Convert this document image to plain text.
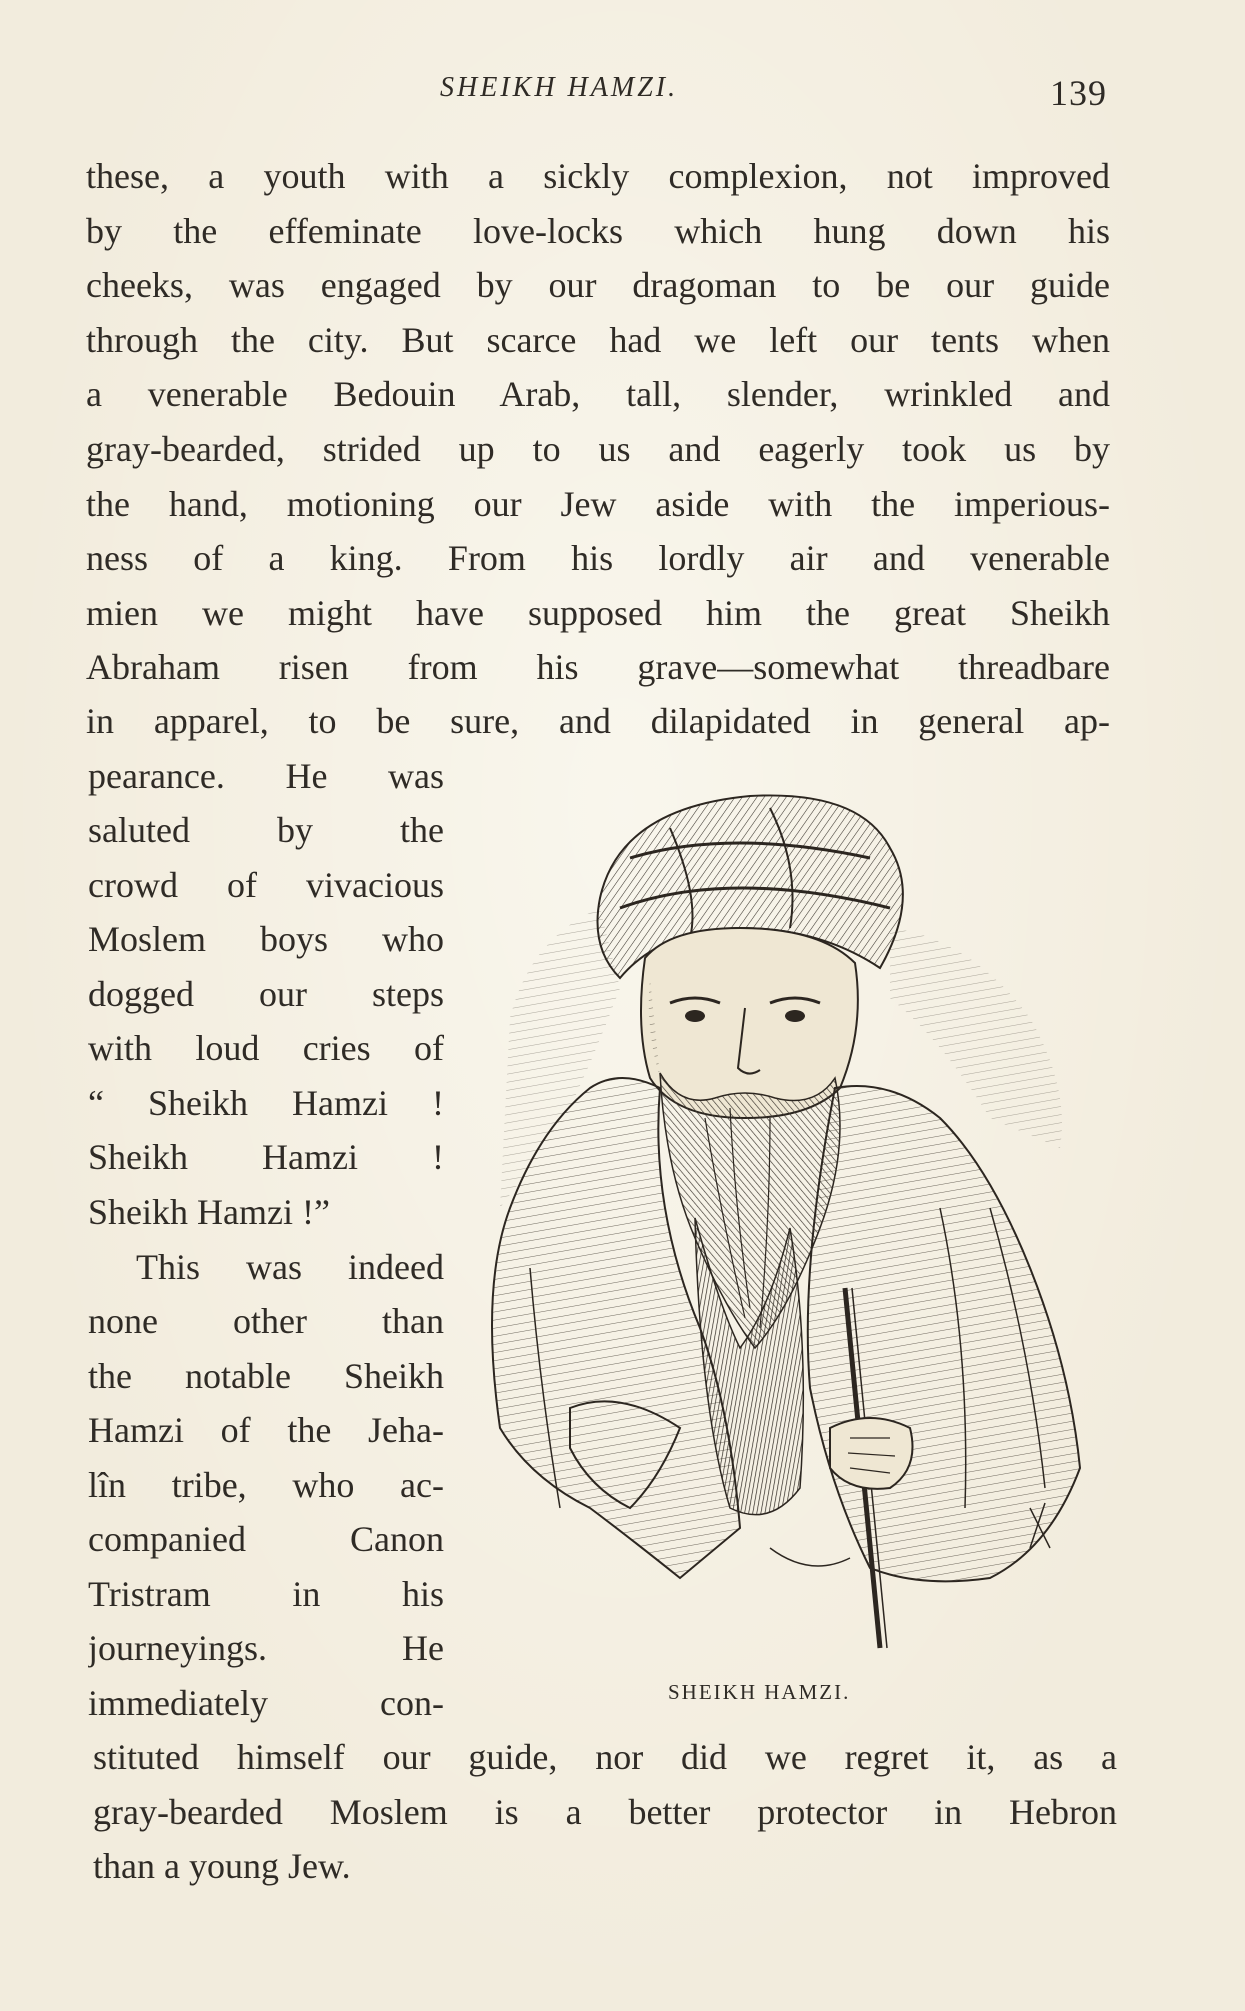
SHEIKH HAMZI.	139
these, a youth with a sickly complexion, not improved
by the effeminate love-locks which hung down his
cheeks, was engaged by our dragoman to be our guide
through the city. But scarce had we left our tents when
a venerable Bedouin Arab, tall, slender, wrinkled and
gray-bearded, strided up to us and eagerly took us by
the hand, motioning our Jew aside with the imperious-
ness of a king. From his lordly air and venerable
mien we might have supposed him the great Sheikh
Abraham risen from his grave—somewhat threadbare
in apparel, to be sure, and dilapidated in general ap-
pearance. He was
saluted by the
crowd of vivacious
Moslem boys who
dogged our steps
with loud cries of
“ Sheikh Hamzi !
Sheikh Hamzi !
Sheikh Hamzi !”
This was indeed
none other than
the notable Sheikh
Hamzi of the Jeha-
lîn tribe, who ac-
companied Canon
Tristram in his
journeyings. He
immediately con-	SHEIKH HAMZI.
stituted himself our guide, nor did we regret it, as a
gray-bearded Moslem is a better protector in Hebron
than a young Jew.
